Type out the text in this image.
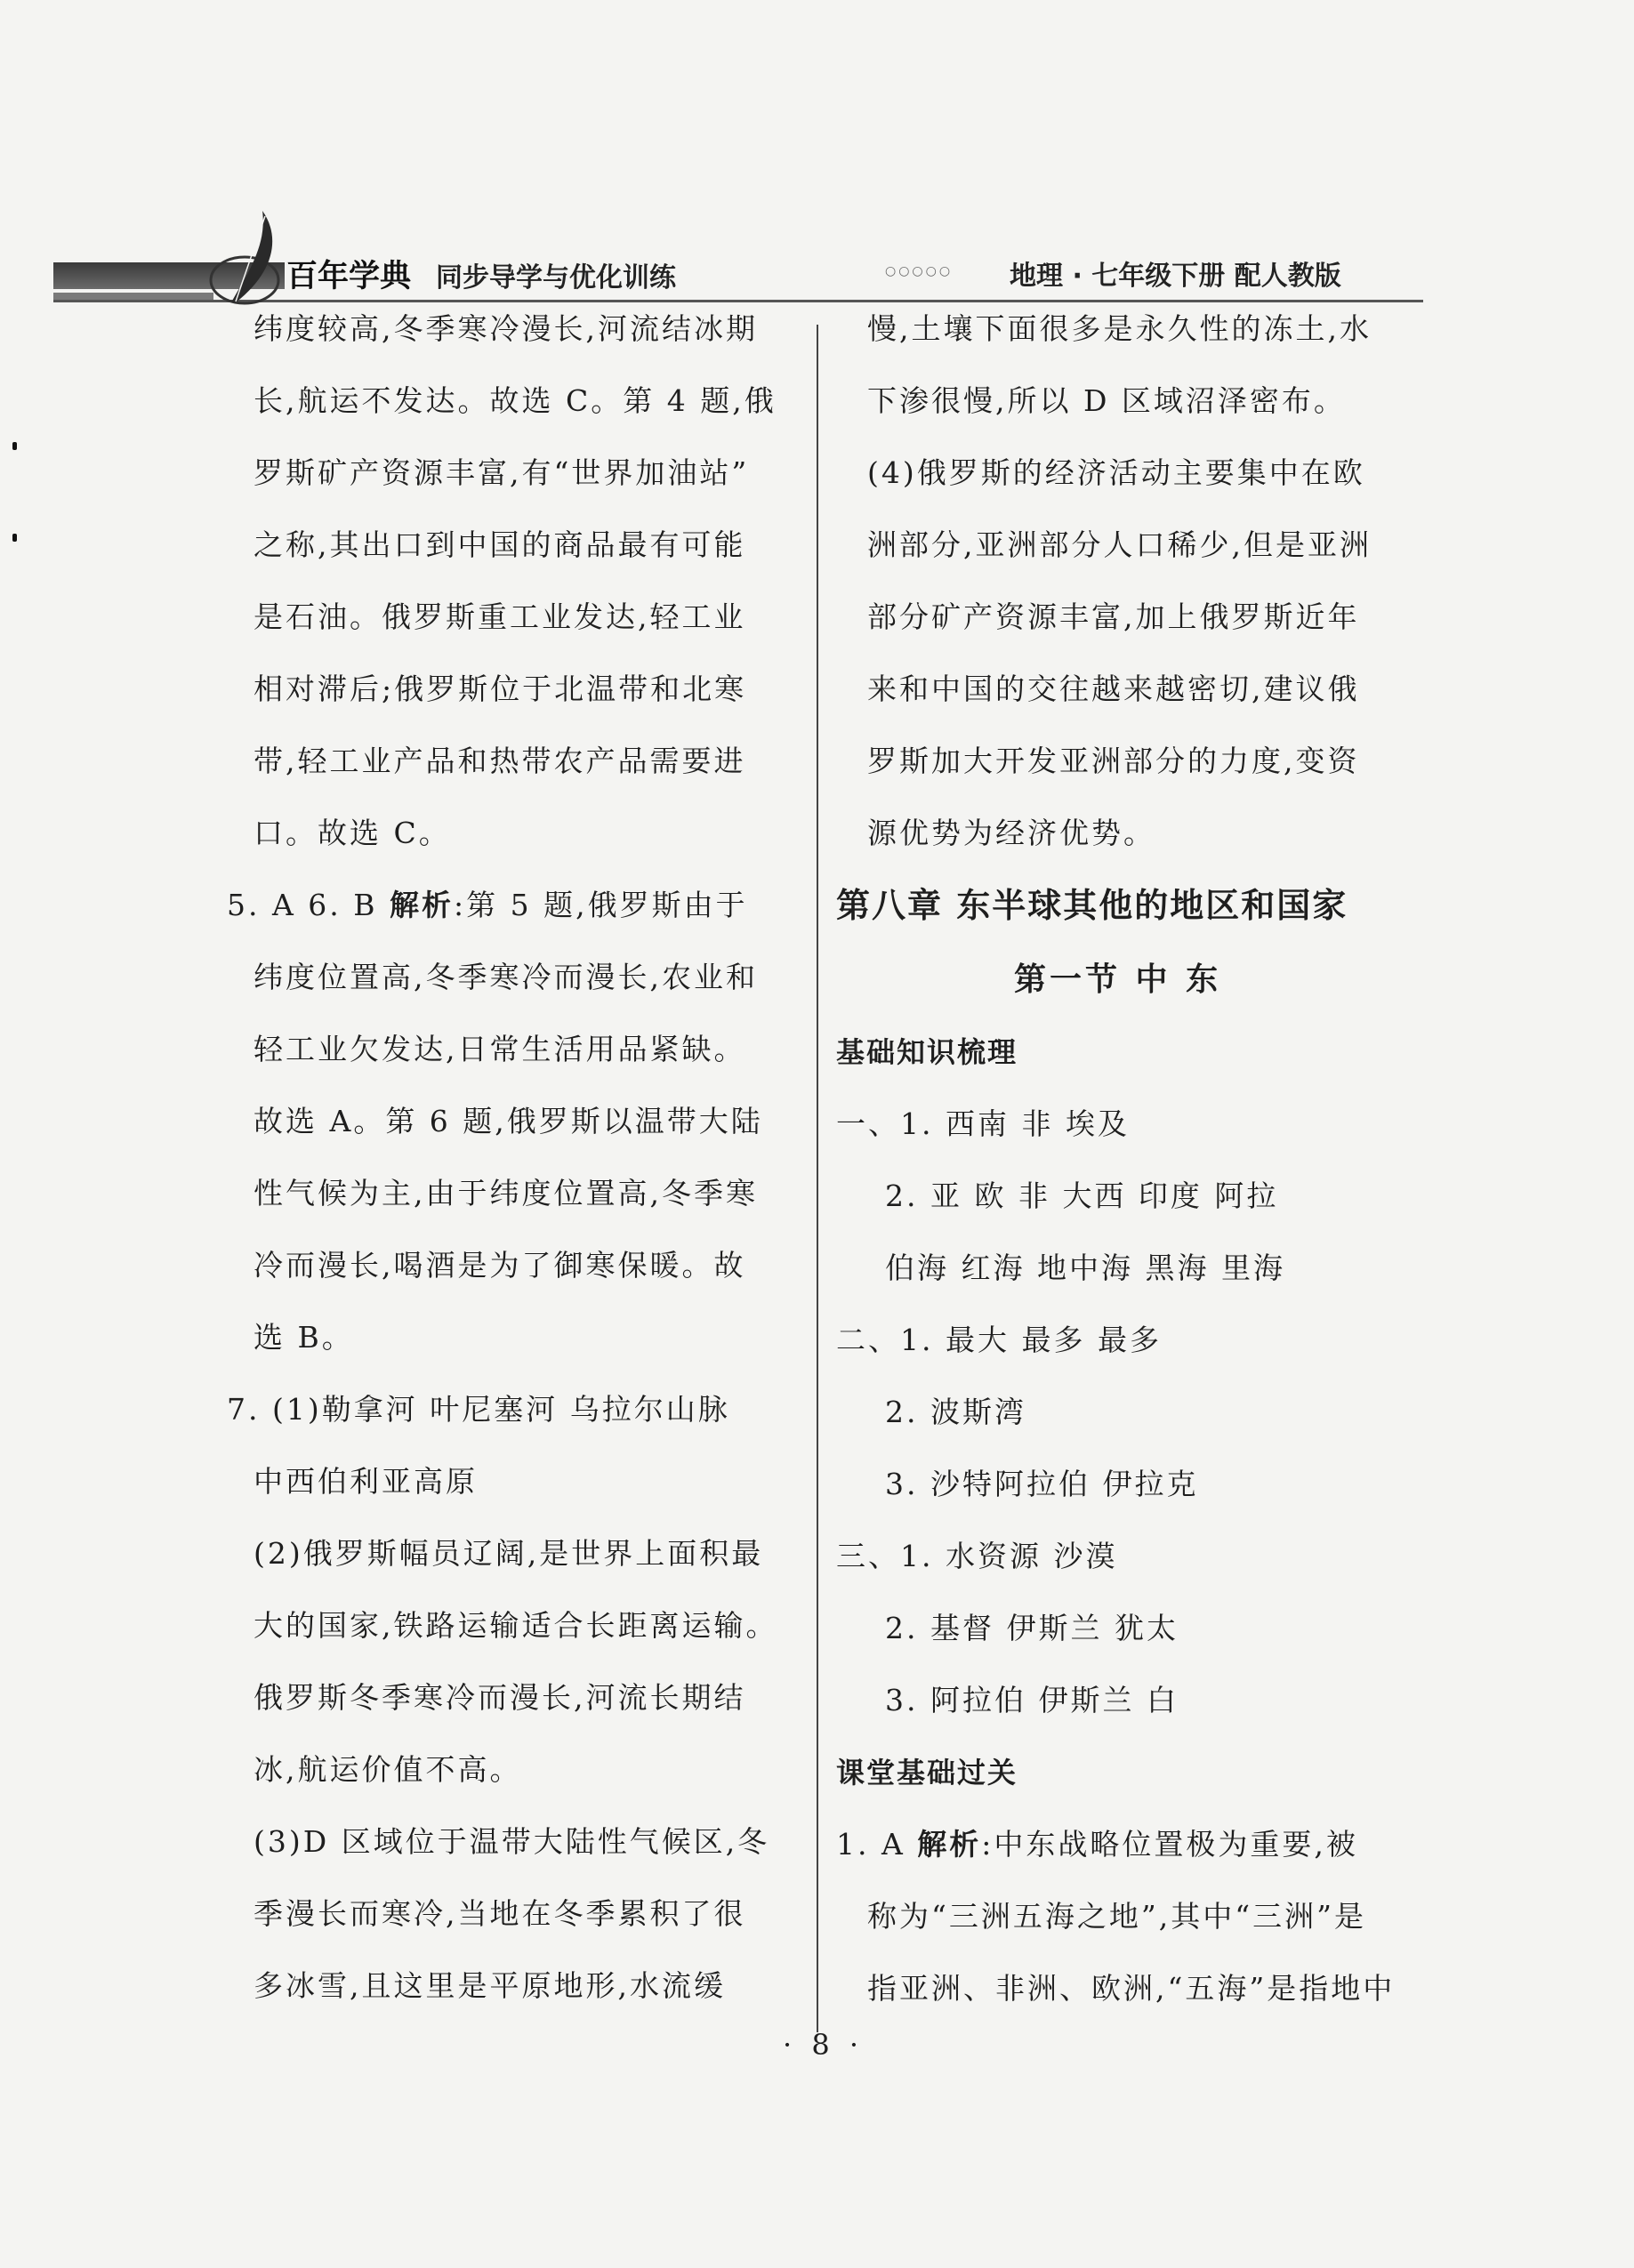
百年学典 同步导学与优化训练	○○○○○ 地理 · 七年级下册 配人教版
纬度较高,冬季寒冷漫长,河流结冰期
长,航运不发达。故选 C。第 4 题,俄
罗斯矿产资源丰富,有“世界加油站”
之称,其出口到中国的商品最有可能
是石油。俄罗斯重工业发达,轻工业
相对滞后;俄罗斯位于北温带和北寒
带,轻工业产品和热带农产品需要进
口。故选 C。
5. A 6. B 解析:第 5 题,俄罗斯由于
纬度位置高,冬季寒冷而漫长,农业和
轻工业欠发达,日常生活用品紧缺。
故选 A。第 6 题,俄罗斯以温带大陆
性气候为主,由于纬度位置高,冬季寒
冷而漫长,喝酒是为了御寒保暖。故
选 B。
7. (1)勒拿河 叶尼塞河 乌拉尔山脉
中西伯利亚高原
(2)俄罗斯幅员辽阔,是世界上面积最
大的国家,铁路运输适合长距离运输。
俄罗斯冬季寒冷而漫长,河流长期结
冰,航运价值不高。
(3)D 区域位于温带大陆性气候区,冬
季漫长而寒冷,当地在冬季累积了很
多冰雪,且这里是平原地形,水流缓
慢,土壤下面很多是永久性的冻土,水
下渗很慢,所以 D 区域沼泽密布。
(4)俄罗斯的经济活动主要集中在欧
洲部分,亚洲部分人口稀少,但是亚洲
部分矿产资源丰富,加上俄罗斯近年
来和中国的交往越来越密切,建议俄
罗斯加大开发亚洲部分的力度,变资
源优势为经济优势。
第八章 东半球其他的地区和国家
第一节 中 东
基础知识梳理
一、1. 西南 非 埃及
2. 亚 欧 非 大西 印度 阿拉
伯海 红海 地中海 黑海 里海
二、1. 最大 最多 最多
2. 波斯湾
3. 沙特阿拉伯 伊拉克
三、1. 水资源 沙漠
2. 基督 伊斯兰 犹太
3. 阿拉伯 伊斯兰 白
课堂基础过关
1. A 解析:中东战略位置极为重要,被
称为“三洲五海之地”,其中“三洲”是
指亚洲、非洲、欧洲,“五海”是指地中
· 8 ·
